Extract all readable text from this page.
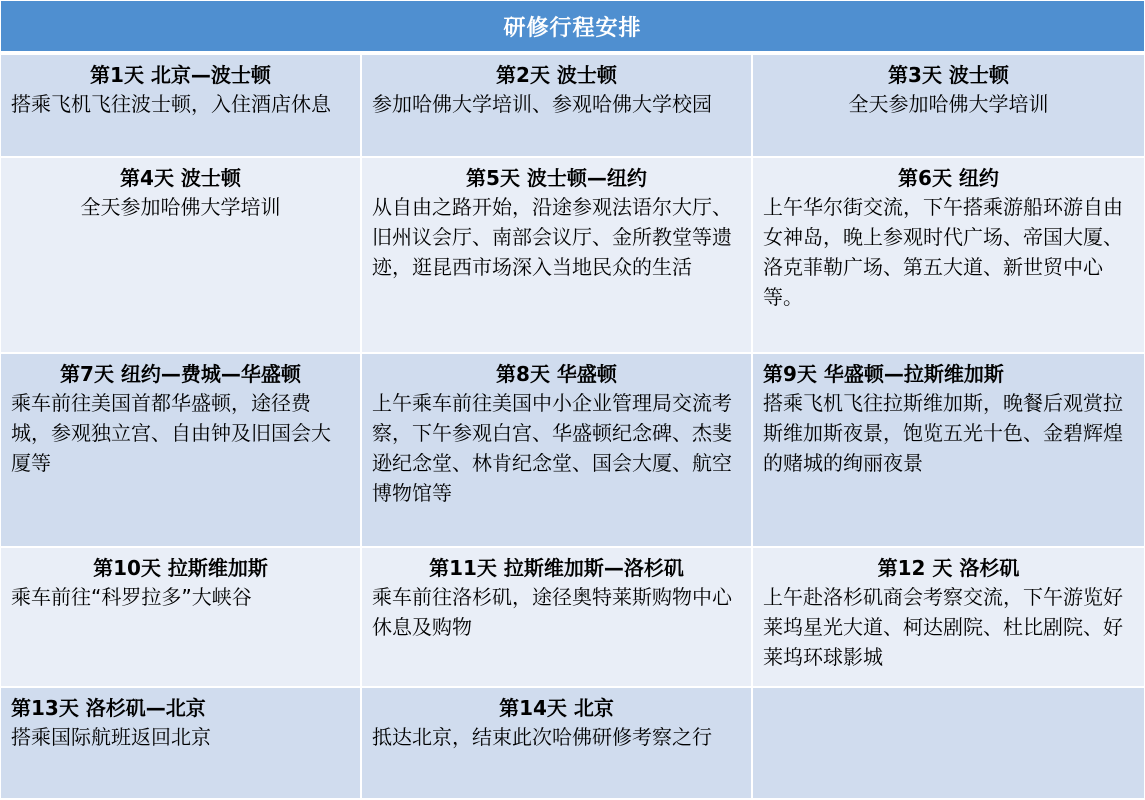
研修行程安排
第1天 北京—波士顿
搭乘飞机飞往波士顿，入住酒店休息
第2天 波士顿
参加哈佛大学培训、参观哈佛大学校园
第3天 波士顿
全天参加哈佛大学培训
第4天 波士顿
全天参加哈佛大学培训
第5天 波士顿—纽约
从自由之路开始，沿途参观法语尔大厅、旧州议会厅、南部会议厅、金所教堂等遗迹，逛昆西市场深入当地民众的生活
第6天 纽约
上午华尔街交流，下午搭乘游船环游自由女神岛，晚上参观时代广场、帝国大厦、洛克菲勒广场、第五大道、新世贸中心等。
第7天 纽约—费城—华盛顿
乘车前往美国首都华盛顿，途径费城，参观独立宫、自由钟及旧国会大厦等
第8天 华盛顿
上午乘车前往美国中小企业管理局交流考察，下午参观白宫、华盛顿纪念碑、杰斐逊纪念堂、林肯纪念堂、国会大厦、航空博物馆等
第9天 华盛顿—拉斯维加斯
搭乘飞机飞往拉斯维加斯，晚餐后观赏拉斯维加斯夜景，饱览五光十色、金碧辉煌的赌城的绚丽夜景
第10天 拉斯维加斯
乘车前往“科罗拉多”大峡谷
第11天 拉斯维加斯—洛杉矶
乘车前往洛杉矶，途径奥特莱斯购物中心休息及购物
第12 天 洛杉矶
上午赴洛杉矶商会考察交流，下午游览好莱坞星光大道、柯达剧院、杜比剧院、好莱坞环球影城
第13天 洛杉矶—北京
搭乘国际航班返回北京
第14天 北京
抵达北京，结束此次哈佛研修考察之行
